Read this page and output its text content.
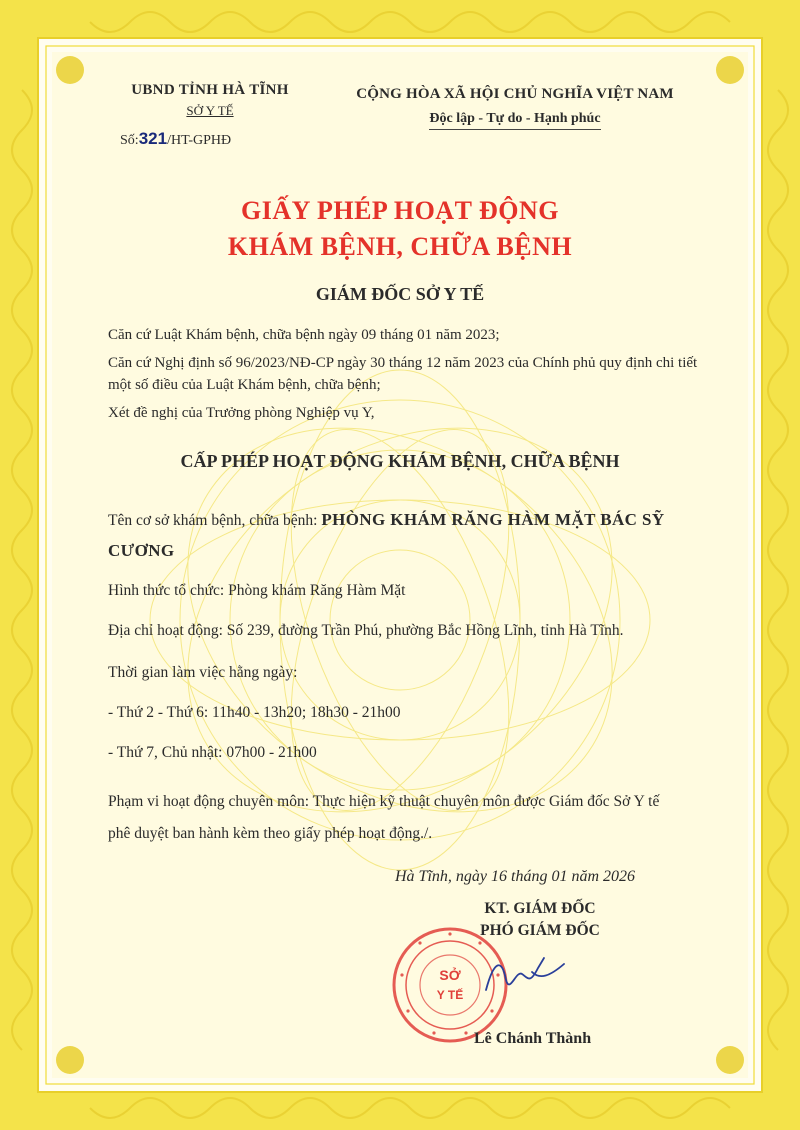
UBND TỈNH HÀ TĨNH
SỞ Y TẾ
Số:321/HT-GPHĐ
CỘNG HÒA XÃ HỘI CHỦ NGHĨA VIỆT NAM
Độc lập - Tự do - Hạnh phúc
GIẤY PHÉP HOẠT ĐỘNG
KHÁM BỆNH, CHỮA BỆNH
GIÁM ĐỐC SỞ Y TẾ
Căn cứ Luật Khám bệnh, chữa bệnh ngày 09 tháng 01 năm 2023;
Căn cứ Nghị định số 96/2023/NĐ-CP ngày 30 tháng 12 năm 2023 của Chính phủ quy định chi tiết một số điều của Luật Khám bệnh, chữa bệnh;
Xét đề nghị của Trưởng phòng Nghiệp vụ Y,
CẤP PHÉP HOẠT ĐỘNG KHÁM BỆNH, CHỮA BỆNH
Tên cơ sở khám bệnh, chữa bệnh: PHÒNG KHÁM RĂNG HÀM MẶT BÁC SỸ CƯƠNG
Hình thức tổ chức: Phòng khám Răng Hàm Mặt
Địa chỉ hoạt động: Số 239, đường Trần Phú, phường Bắc Hồng Lĩnh, tỉnh Hà Tĩnh.
Thời gian làm việc hằng ngày:
- Thứ 2 - Thứ 6: 11h40 - 13h20; 18h30 - 21h00
- Thứ 7, Chủ nhật: 07h00 - 21h00
Phạm vi hoạt động chuyên môn: Thực hiện kỹ thuật chuyên môn được Giám đốc Sở Y tế phê duyệt ban hành kèm theo giấy phép hoạt động./.
Hà Tĩnh, ngày 16 tháng 01 năm 2026
KT. GIÁM ĐỐC
PHÓ GIÁM ĐỐC
SỞ
Y TẾ
Lê Chánh Thành
